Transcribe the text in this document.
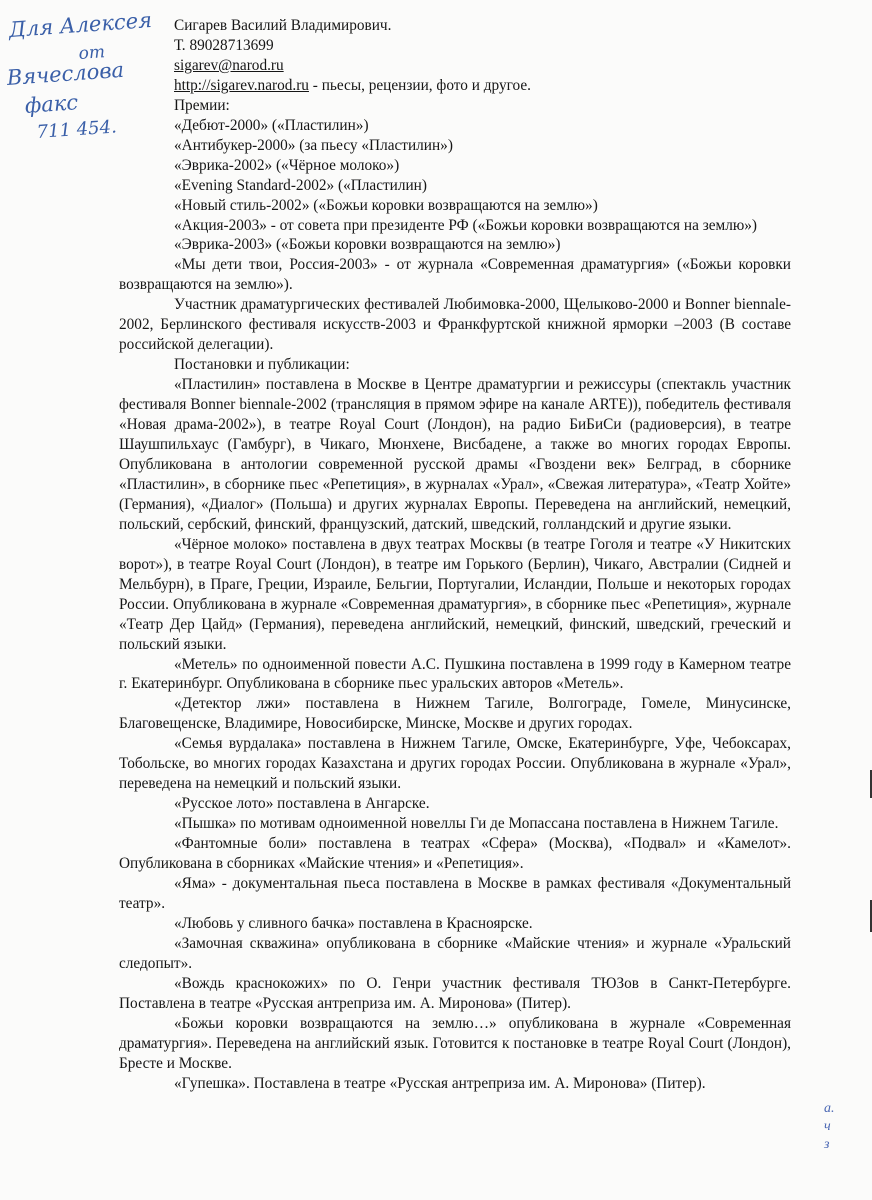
Для Алексея
от
Вячеслова
факс
711 454.
а.
ч
з

Сигарев Василий Владимирович.

Т. 89028713699

sigarev@narod.ru

http://sigarev.narod.ru - пьесы, рецензии, фото и другое.

Премии:

«Дебют-2000» («Пластилин»)

«Антибукер-2000» (за пьесу «Пластилин»)

«Эврика-2002» («Чёрное молоко»)

«Evening Standard-2002» («Пластилин)

«Новый стиль-2002» («Божьи коровки возвращаются на землю»)

«Акция-2003» - от совета при президенте РФ («Божьи коровки возвращаются на землю»)

«Эврика-2003» («Божьи коровки возвращаются на землю»)

«Мы дети твои, Россия-2003» - от журнала «Современная драматургия» («Божьи коровки возвращаются на землю»).

Участник драматургических фестивалей Любимовка-2000, Щелыково-2000 и Bonner biennale-2002, Берлинского фестиваля искусств-2003 и Франкфуртской книжной ярморки –2003 (В составе российской делегации).

Постановки и публикации:

«Пластилин» поставлена в Москве в Центре драматургии и режиссуры (спектакль участник фестиваля Bonner biennale-2002 (трансляция в прямом эфире на канале ARTE)), победитель фестиваля «Новая драма-2002»), в театре Royal Court (Лондон), на радио БиБиСи (радиоверсия), в театре Шаушпильхаус (Гамбург), в Чикаго, Мюнхене, Висбадене, а также во многих городах Европы. Опубликована в антологии современной русской драмы «Гвоздени век» Белград, в сборнике «Пластилин», в сборнике пьес «Репетиция», в журналах «Урал», «Свежая литература», «Театр Хойте» (Германия), «Диалог» (Польша) и других журналах Европы. Переведена на английский, немецкий, польский, сербский, финский, французский, датский, шведский, голландский и другие языки.

«Чёрное молоко» поставлена в двух театрах Москвы (в театре Гоголя и театре «У Никитских ворот»), в театре Royal Court (Лондон), в театре им Горького (Берлин), Чикаго, Австралии (Сидней и Мельбурн), в Праге, Греции, Израиле, Бельгии, Португалии, Исландии, Польше и некоторых городах России. Опубликована в журнале «Современная драматургия», в сборнике пьес «Репетиция», журнале «Театр Дер Цайд» (Германия), переведена английский, немецкий, финский, шведский, греческий и польский языки.

«Метель» по одноименной повести А.С. Пушкина поставлена в 1999 году в Камерном театре г. Екатеринбург. Опубликована в сборнике пьес уральских авторов «Метель».

«Детектор лжи» поставлена в Нижнем Тагиле, Волгограде, Гомеле, Минусинске, Благовещенске, Владимире, Новосибирске, Минске, Москве и других городах.

«Семья вурдалака» поставлена в Нижнем Тагиле, Омске, Екатеринбурге, Уфе, Чебоксарах, Тобольске, во многих городах Казахстана и других городах России. Опубликована в журнале «Урал», переведена на немецкий и польский языки.

«Русское лото» поставлена в Ангарске.

«Пышка» по мотивам одноименной новеллы Ги де Мопассана поставлена в Нижнем Тагиле.

«Фантомные боли» поставлена в театрах «Сфера» (Москва), «Подвал» и «Камелот». Опубликована в сборниках «Майские чтения» и «Репетиция».

«Яма» - документальная пьеса поставлена в Москве в рамках фестиваля «Документальный театр».

«Любовь у сливного бачка» поставлена в Красноярске.

«Замочная скважина» опубликована в сборнике «Майские чтения» и журнале «Уральский следопыт».

«Вождь краснокожих» по О. Генри участник фестиваля ТЮЗов в Санкт-Петербурге. Поставлена в театре «Русская антреприза им. А. Миронова» (Питер).

«Божьи коровки возвращаются на землю…» опубликована в журнале «Современная драматургия». Переведена на английский язык. Готовится к постановке в театре Royal Court (Лондон), Бресте и Москве.

«Гупешка». Поставлена в театре «Русская антреприза им. А. Миронова» (Питер).
